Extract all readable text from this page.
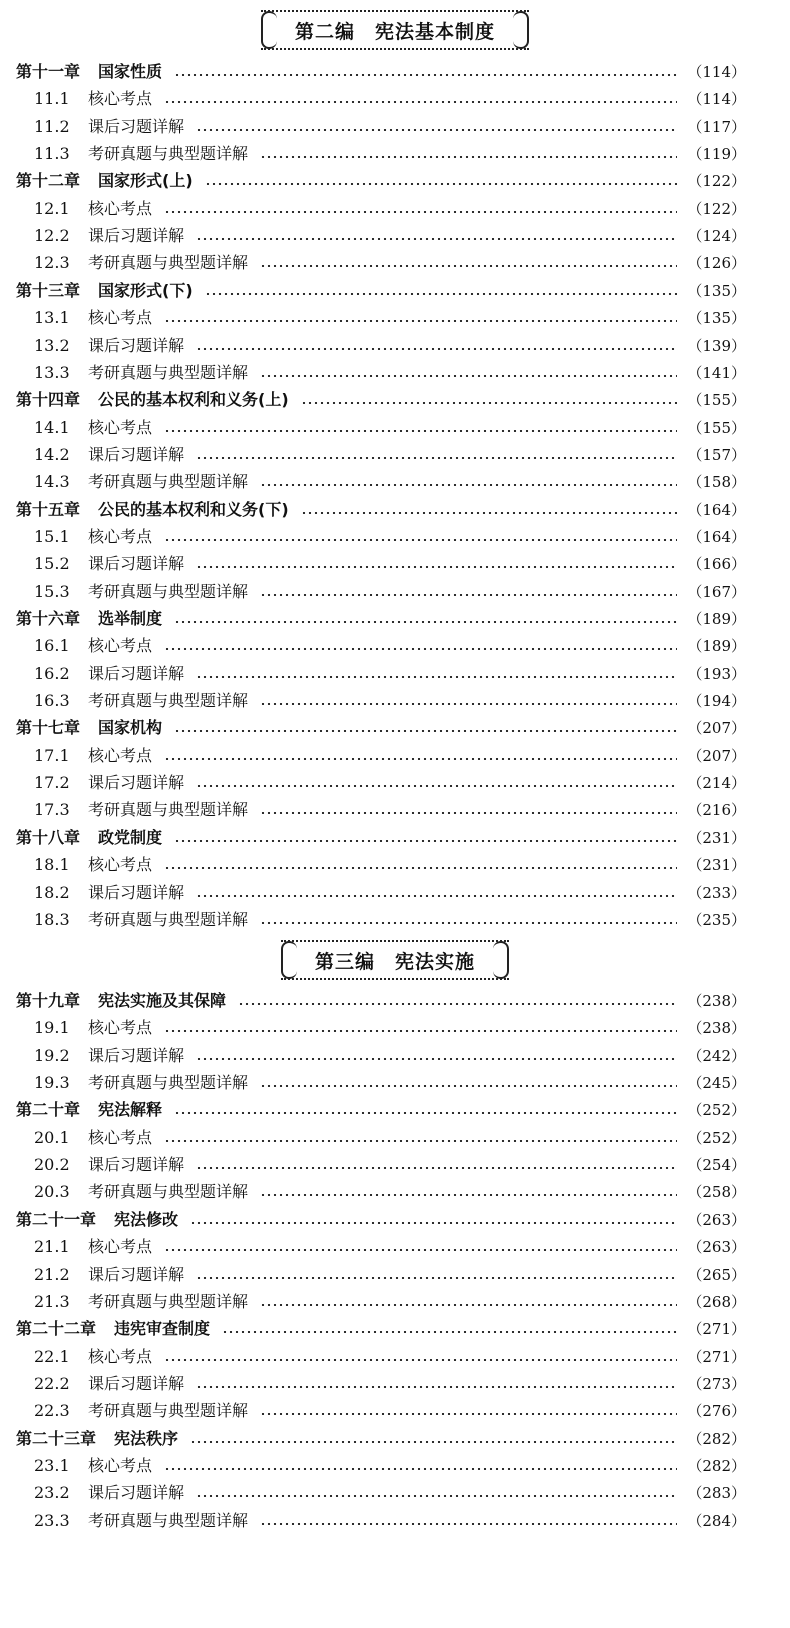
第二编　宪法基本制度
第十一章 国家性质	（114）
11.1 核心考点	（114）
11.2 课后习题详解	（117）
11.3 考研真题与典型题详解	（119）
第十二章 国家形式(上)	（122）
12.1 核心考点	（122）
12.2 课后习题详解	（124）
12.3 考研真题与典型题详解	（126）
第十三章 国家形式(下)	（135）
13.1 核心考点	（135）
13.2 课后习题详解	（139）
13.3 考研真题与典型题详解	（141）
第十四章 公民的基本权利和义务(上)	（155）
14.1 核心考点	（155）
14.2 课后习题详解	（157）
14.3 考研真题与典型题详解	（158）
第十五章 公民的基本权利和义务(下)	（164）
15.1 核心考点	（164）
15.2 课后习题详解	（166）
15.3 考研真题与典型题详解	（167）
第十六章 选举制度	（189）
16.1 核心考点	（189）
16.2 课后习题详解	（193）
16.3 考研真题与典型题详解	（194）
第十七章 国家机构	（207）
17.1 核心考点	（207）
17.2 课后习题详解	（214）
17.3 考研真题与典型题详解	（216）
第十八章 政党制度	（231）
18.1 核心考点	（231）
18.2 课后习题详解	（233）
18.3 考研真题与典型题详解	（235）
第三编　宪法实施
第十九章 宪法实施及其保障	（238）
19.1 核心考点	（238）
19.2 课后习题详解	（242）
19.3 考研真题与典型题详解	（245）
第二十章 宪法解释	（252）
20.1 核心考点	（252）
20.2 课后习题详解	（254）
20.3 考研真题与典型题详解	（258）
第二十一章 宪法修改	（263）
21.1 核心考点	（263）
21.2 课后习题详解	（265）
21.3 考研真题与典型题详解	（268）
第二十二章 违宪审查制度	（271）
22.1 核心考点	（271）
22.2 课后习题详解	（273）
22.3 考研真题与典型题详解	（276）
第二十三章 宪法秩序	（282）
23.1 核心考点	（282）
23.2 课后习题详解	（283）
23.3 考研真题与典型题详解	（284）
